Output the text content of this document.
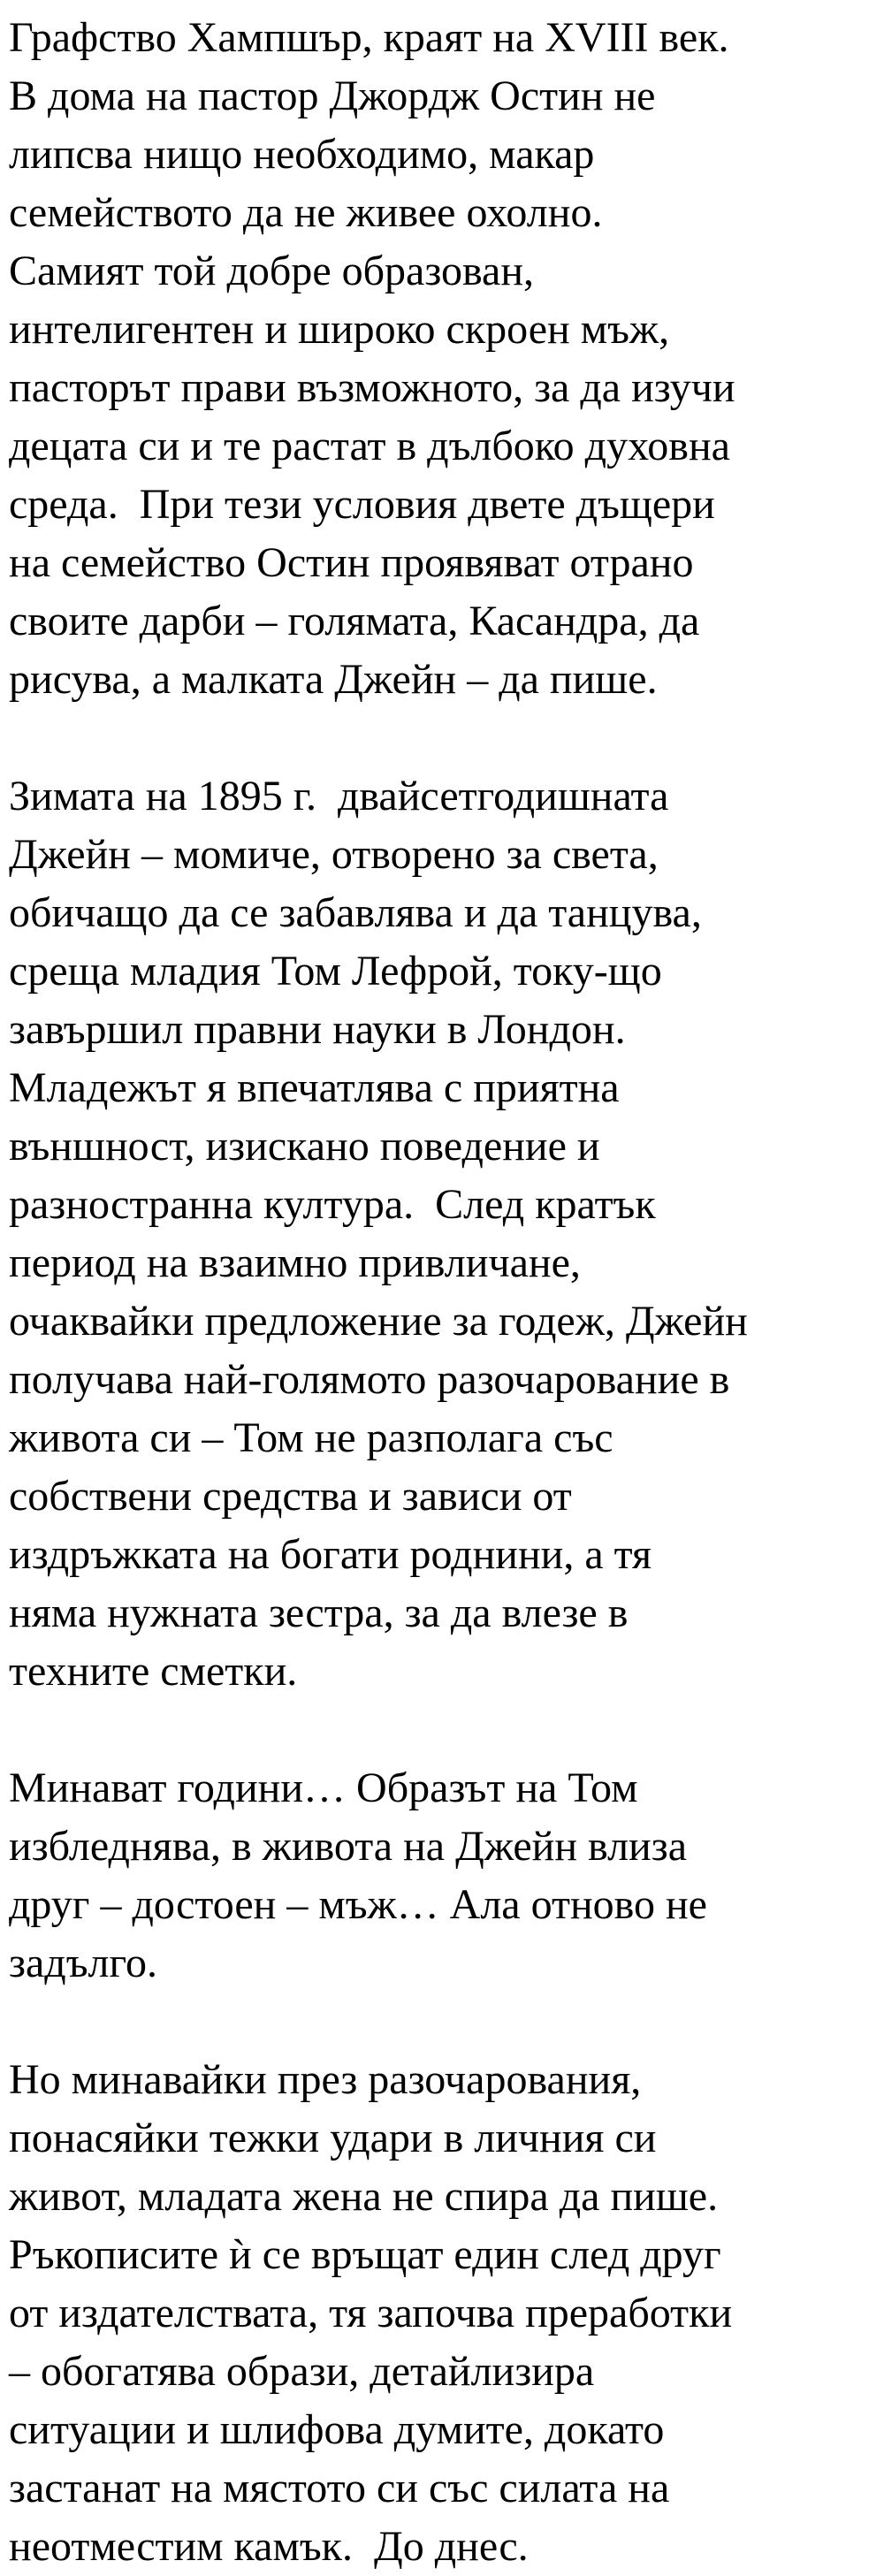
Графство Хампшър, краят на XVIII век.
В дома на пастор Джордж Остин не
липсва нищо необходимо, макар
семейството да не живее охолно.
Самият той добре образован,
интелигентен и широко скроен мъж,
пасторът прави възможното, за да изучи
децата си и те растат в дълбоко духовна
среда.  При тези условия двете дъщери
на семейство Остин проявяват отрано
своите дарби – голямата, Касандра, да
рисува, а малката Джейн – да пише.
Зимата на 1895 г.  двайсетгодишната
Джейн – момиче, отворено за света,
обичащо да се забавлява и да танцува,
среща младия Том Лефрой, току-що
завършил правни науки в Лондон.
Младежът я впечатлява с приятна
външност, изискано поведение и
разностранна култура.  След кратък
период на взаимно привличане,
очаквайки предложение за годеж, Джейн
получава най-голямото разочарование в
живота си – Том не разполага със
собствени средства и зависи от
издръжката на богати роднини, а тя
няма нужната зестра, за да влезе в
техните сметки.
Минават години… Образът на Том
избледнява, в живота на Джейн влиза
друг – достоен – мъж… Ала отново не
задълго.
Но минавайки през разочарования,
понасяйки тежки удари в личния си
живот, младата жена не спира да пише.
Ръкописите ѝ се връщат един след друг
от издателствата, тя започва преработки
– обогатява образи, детайлизира
ситуации и шлифова думите, докато
застанат на мястото си със силата на
неотместим камък.  До днес.
